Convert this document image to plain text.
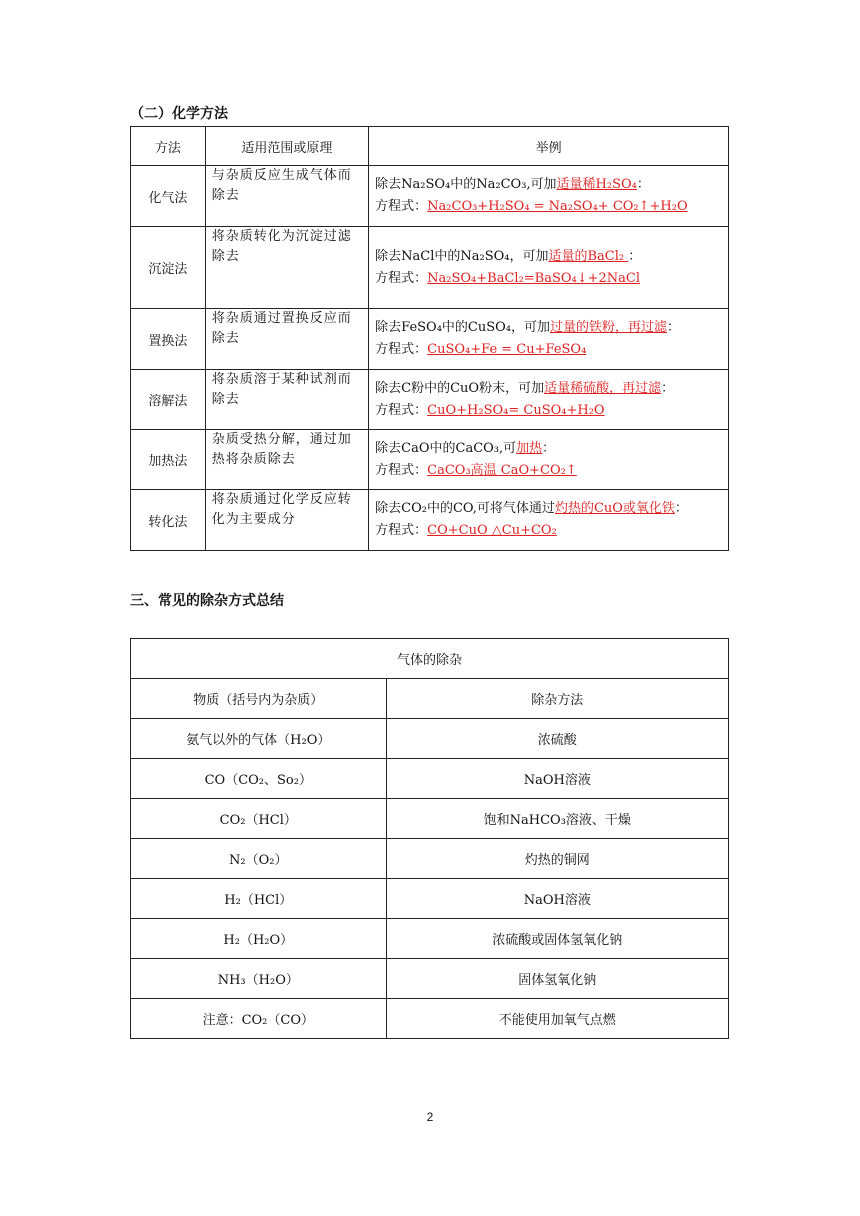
（二）化学方法
方法	适用范围或原理	举例
化气法	与杂质反应生成气体而除去	除去Na₂SO₄中的Na₂CO₃,可加适量稀H₂SO₄：
方程式：Na₂CO₃+H₂SO₄ = Na₂SO₄+ CO₂↑+H₂O

沉淀法	将杂质转化为沉淀过滤除去	除去NaCl中的Na₂SO₄，可加适量的BaCl₂ ：
方程式：Na₂SO₄+BaCl₂=BaSO₄↓+2NaCl

置换法	将杂质通过置换反应而除去	除去FeSO₄中的CuSO₄，可加过量的铁粉，再过滤：
方程式：CuSO₄+Fe = Cu+FeSO₄

溶解法	将杂质溶于某种试剂而除去	除去C粉中的CuO粉末，可加适量稀硫酸，再过滤：
方程式：CuO+H₂SO₄= CuSO₄+H₂O

加热法	杂质受热分解，通过加热将杂质除去	除去CaO中的CaCO₃,可加热：
方程式：CaCO₃高温 CaO+CO₂↑

转化法	将杂质通过化学反应转化为主要成分	除去CO₂中的CO,可将气体通过灼热的CuO或氧化铁：
方程式：CO+CuO △Cu+CO₂
三、常见的除杂方式总结
气体的除杂	
物质（括号内为杂质）	除杂方法
氨气以外的气体（H₂O）	浓硫酸
CO（CO₂、So₂）	NaOH溶液
CO₂（HCl）	饱和NaHCO₃溶液、干燥
N₂（O₂）	灼热的铜网
H₂（HCl）	NaOH溶液
H₂（H₂O）	浓硫酸或固体氢氧化钠
NH₃（H₂O）	固体氢氧化钠
注意：CO₂（CO）	不能使用加氧气点燃
2
